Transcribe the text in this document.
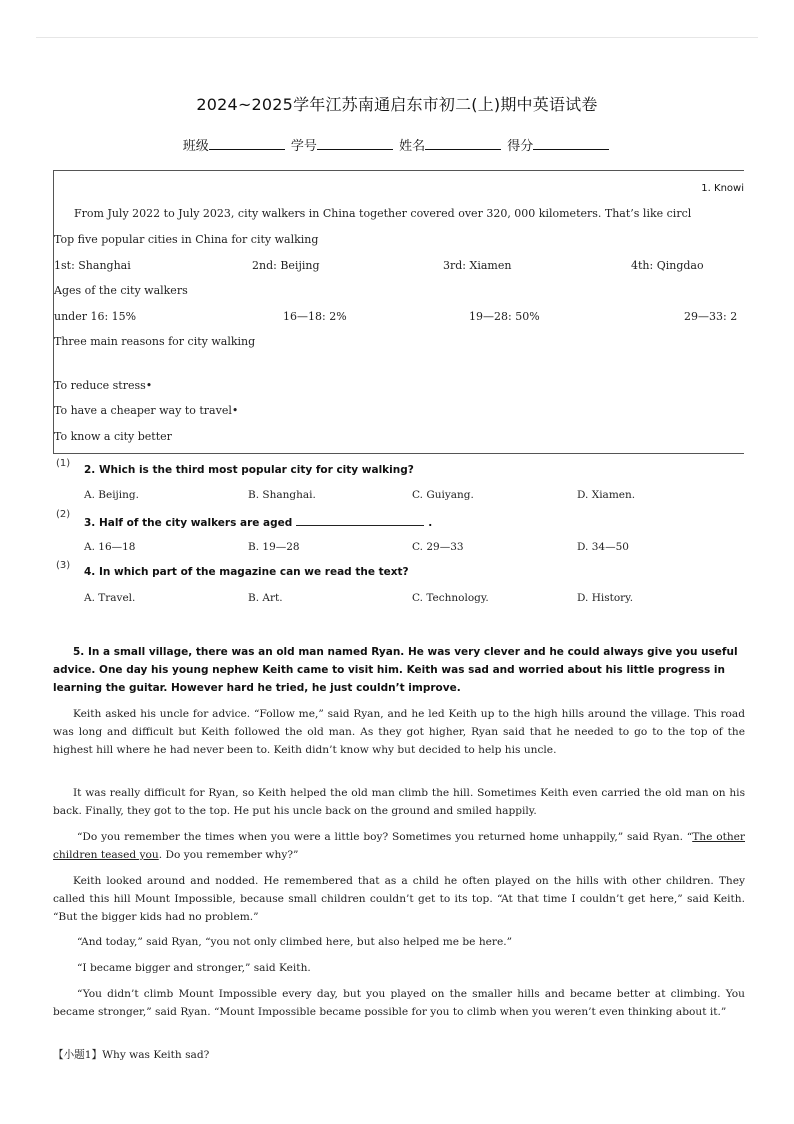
2024~2025学年江苏南通启东市初二(上)期中英语试卷
班级	学号	姓名	得分
1. Knowi
From July 2022 to July 2023, city walkers in China together covered over 320, 000 kilometers. That’s like circl
Top five popular cities in China for city walking
1st: Shanghai	2nd: Beijing	3rd: Xiamen	4th: Qingdao
Ages of the city walkers
under 16: 15%	16—18: 2%	19—28: 50%	29—33: 2
Three main reasons for city walking
To reduce stress•
To have a cheaper way to travel•
To know a city better
(1)
2. Which is the third most popular city for city walking?
A. Beijing.	B. Shanghai.	C. Guiyang.	D. Xiamen.
(2)
3. Half of the city walkers are aged	.
A. 16—18	B. 19—28	C. 29—33	D. 34—50
(3)
4. In which part of the magazine can we read the text?
A. Travel.	B. Art.	C. Technology.	D. History.
5. In a small village, there was an old man named Ryan. He was very clever and he could always give you useful
advice. One day his young nephew Keith came to visit him. Keith was sad and worried about his little progress in
learning the guitar. However hard he tried, he just couldn’t improve.
Keith asked his uncle for advice. “Follow me,” said Ryan, and he led Keith up to the high hills around the village. This road was long and difficult but Keith followed the old man. As they got higher, Ryan said that he needed to go to the top of the highest hill where he had never been to. Keith didn’t know why but decided to help his uncle.
It was really difficult for Ryan, so Keith helped the old man climb the hill. Sometimes Keith even carried the old man on his back. Finally, they got to the top. He put his uncle back on the ground and smiled happily.
“Do you remember the times when you were a little boy? Sometimes you returned home unhappily,” said Ryan. “The other children teased you. Do you remember why?”
Keith looked around and nodded. He remembered that as a child he often played on the hills with other children. They called this hill Mount Impossible, because small children couldn’t get to its top. “At that time I couldn’t get here,” said Keith. “But the bigger kids had no problem.”
“And today,” said Ryan, “you not only climbed here, but also helped me be here.”
“I became bigger and stronger,” said Keith.
“You didn’t climb Mount Impossible every day, but you played on the smaller hills and became better at climbing. You became stronger,” said Ryan. “Mount Impossible became possible for you to climb when you weren’t even thinking about it.”
【小题1】Why was Keith sad?
